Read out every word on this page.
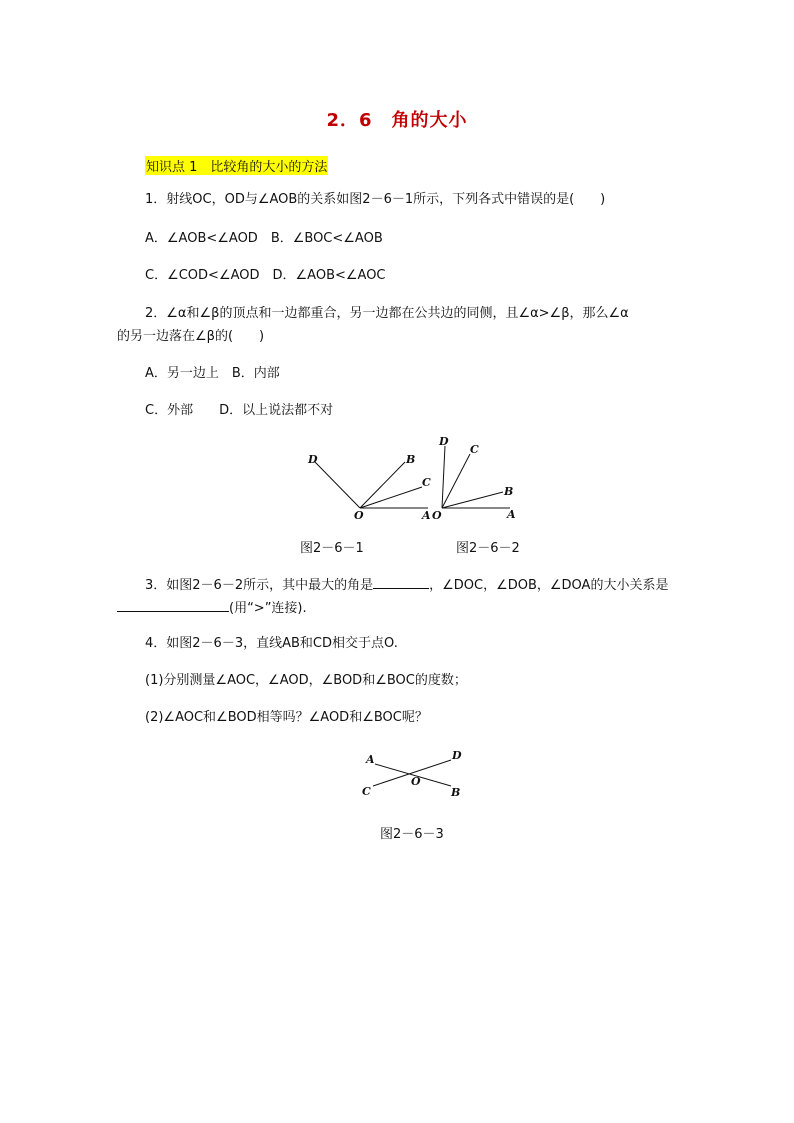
2．6　角的大小
知识点 1　比较角的大小的方法
1．射线OC，OD与∠AOB的关系如图2－6－1所示，下列各式中错误的是(　　)
A．∠AOB<∠AOD　B．∠BOC<∠AOB
C．∠COD<∠AOD　D．∠AOB<∠AOC
2．∠α和∠β的顶点和一边都重合，另一边都在公共边的同侧，且∠α>∠β，那么∠α
的另一边落在∠β的(　　)
A．另一边上　B．内部
C．外部　　D．以上说法都不对
D	B
C
O	A
D
C
B
O	A
图2－6－1	图2－6－2
3．如图2－6－2所示，其中最大的角是	，∠DOC，∠DOB，∠DOA的大小关系是
(用“>”连接).
4．如图2－6－3，直线AB和CD相交于点O.
(1)分别测量∠AOC，∠AOD，∠BOD和∠BOC的度数；
(2)∠AOC和∠BOD相等吗？∠AOD和∠BOC呢？
A	D
O
C	B
图2－6－3
